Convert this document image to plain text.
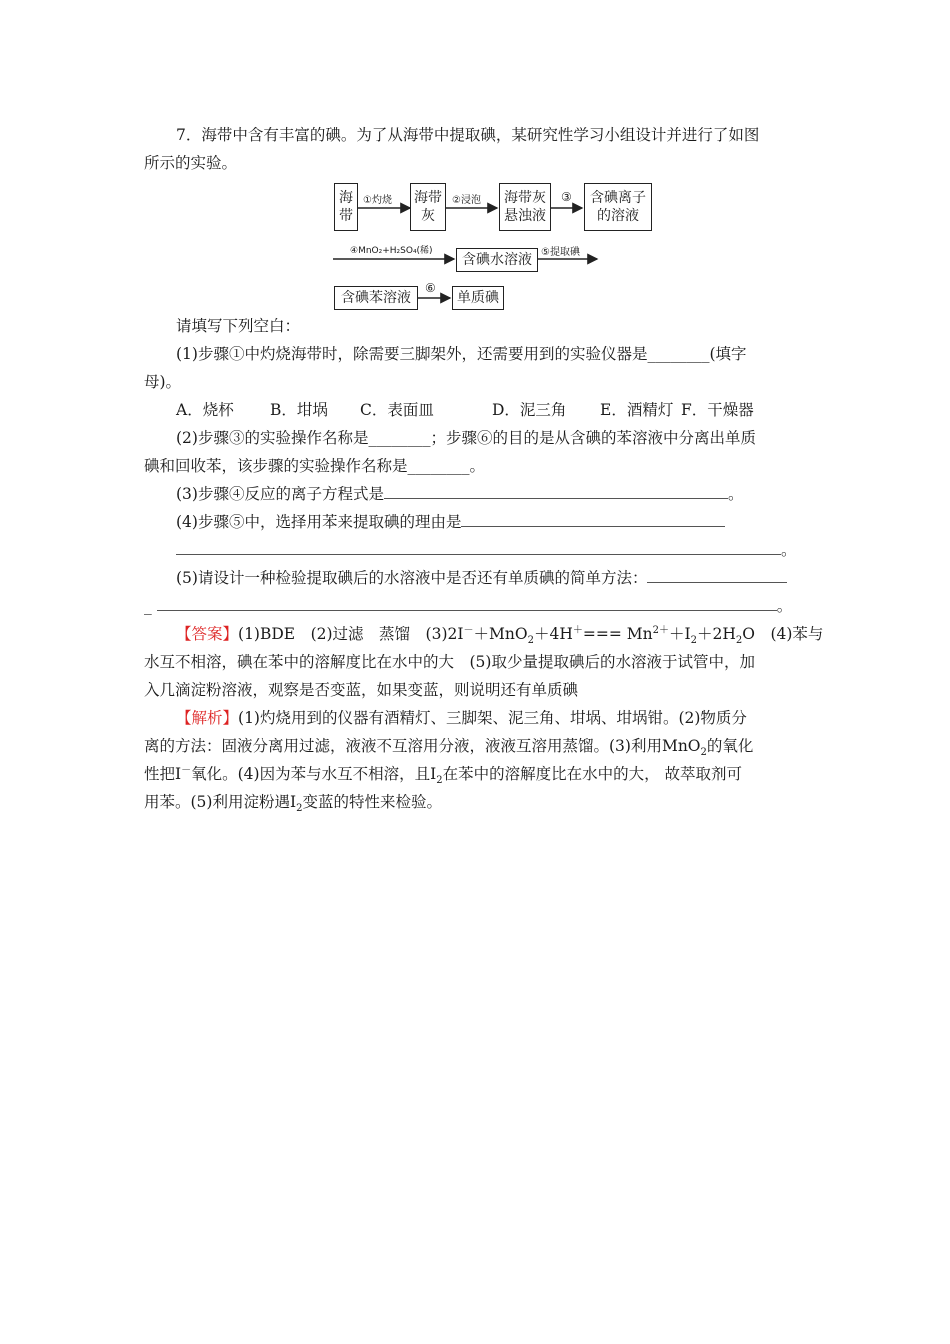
7．海带中含有丰富的碘。为了从海带中提取碘，某研究性学习小组设计并进行了如图
所示的实验。
海
带
海带
灰
海带灰
悬浊液
含碘离子
的溶液
含碘水溶液
含碘苯溶液	单质碘
①灼烧	②浸泡	③
④MnO₂+H₂SO₄(稀)	⑤提取碘
⑥
请填写下列空白：
(1)步骤①中灼烧海带时，除需要三脚架外，还需要用到的实验仪器是________(填字
母)。
A．烧杯 B．坩埚 C．表面皿	D．泥三角 E．酒精灯 F．干燥器
(2)步骤③的实验操作名称是________；步骤⑥的目的是从含碘的苯溶液中分离出单质
碘和回收苯，该步骤的实验操作名称是________。
(3)步骤④反应的离子方程式是	。
(4)步骤⑤中，选择用苯来提取碘的理由是
。
(5)请设计一种检验提取碘后的水溶液中是否还有单质碘的简单方法：
_	。
【答案】(1)BDE　(2)过滤　蒸馏　$(3)2I^-+MnO_2+4H^+=== Mn^{2+}+I_2+2H_2O$　(4)苯与
水互不相溶，碘在苯中的溶解度比在水中的大　(5)取少量提取碘后的水溶液于试管中，加
入几滴淀粉溶液，观察是否变蓝，如果变蓝，则说明还有单质碘
【解析】(1)灼烧用到的仪器有酒精灯、三脚架、泥三角、坩埚、坩埚钳。(2)物质分
离的方法：固液分离用过滤，液液不互溶用分液，液液互溶用蒸馏。(3)利用MnO$_2$的氧化
性把I－氧化。(4)因为苯与水互不相溶，且$I_2$在苯中的溶解度比在水中的大， 故萃取剂可
用苯。(5)利用淀粉遇$I_2$变蓝的特性来检验。
